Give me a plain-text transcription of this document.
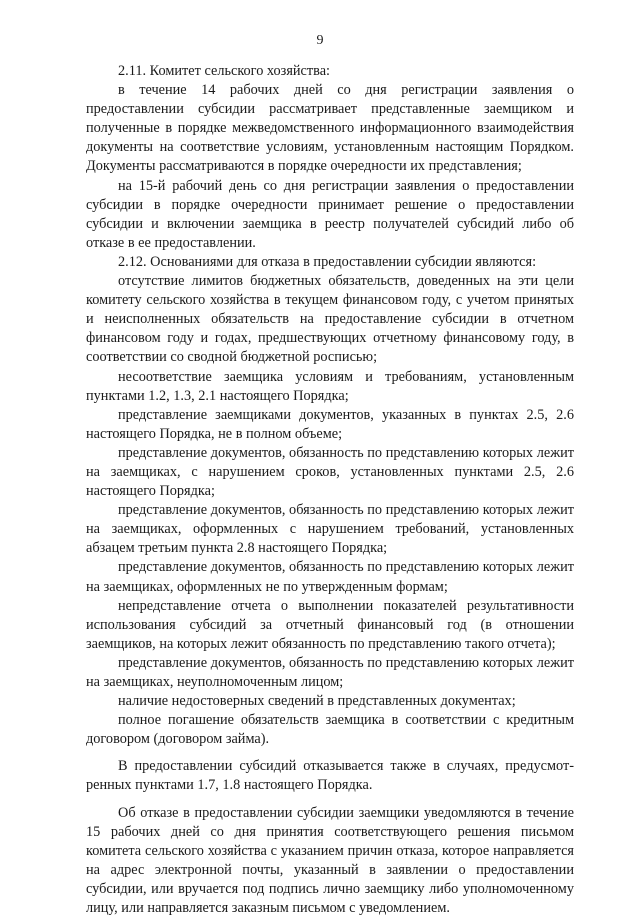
9

2.11. Комитет сельского хозяйства:

в течение 14 рабочих дней со дня регистрации заявления о предоставлении субсидии рассматривает представленные заемщиком и полученные в порядке межведомственного информационного взаимодействия документы на соответствие условиям, установленным настоящим Порядком. Документы рассматриваются в порядке очередности их представления;

на 15-й рабочий день со дня регистрации заявления о предоставлении субсидии в порядке очередности принимает решение о предоставлении субсидии и включении заемщика в реестр получателей субсидий либо об отказе в ее предоставлении.

2.12. Основаниями для отказа в предоставлении субсидии являются:

отсутствие лимитов бюджетных обязательств, доведенных на эти цели комитету сельского хозяйства в текущем финансовом году, с учетом принятых и неисполненных обязательств на предоставление субсидии в отчетном финансовом году и годах, предшествующих отчетному финансовому году, в соответствии со сводной бюджетной росписью;

несоответствие заемщика условиям и требованиям, установленным пунктами 1.2, 1.3, 2.1 настоящего Порядка;

представление заемщиками документов, указанных в пунктах 2.5, 2.6 настоящего Порядка, не в полном объеме;

представление документов, обязанность по представлению которых лежит на заемщиках, с нарушением сроков, установленных пунктами 2.5, 2.6 настоящего Порядка;

представление документов, обязанность по представлению которых лежит на заемщиках, оформленных с нарушением требований, установленных абзацем третьим пункта 2.8 настоящего Порядка;

представление документов, обязанность по представлению которых лежит на заемщиках, оформленных не по утвержденным формам;

непредставление отчета о выполнении показателей результативности использования субсидий за отчетный финансовый год (в отношении заемщиков, на которых лежит обязанность по представлению такого отчета);

представление документов, обязанность по представлению которых лежит на заемщиках, неуполномоченным лицом;

наличие недостоверных сведений в представленных документах;

полное погашение обязательств заемщика в соответствии с кредитным договором (договором займа).

В предоставлении субсидий отказывается также в случаях, предусмотренных пунктами 1.7, 1.8 настоящего Порядка.

Об отказе в предоставлении субсидии заемщики уведомляются в течение 15 рабочих дней со дня принятия соответствующего решения письмом комитета сельского хозяйства с указанием причин отказа, которое направляется на адрес электронной почты, указанный в заявлении о предоставлении субсидии, или вручается под подпись лично заемщику либо уполномоченному лицу, или направляется заказным письмом с уведомлением.
